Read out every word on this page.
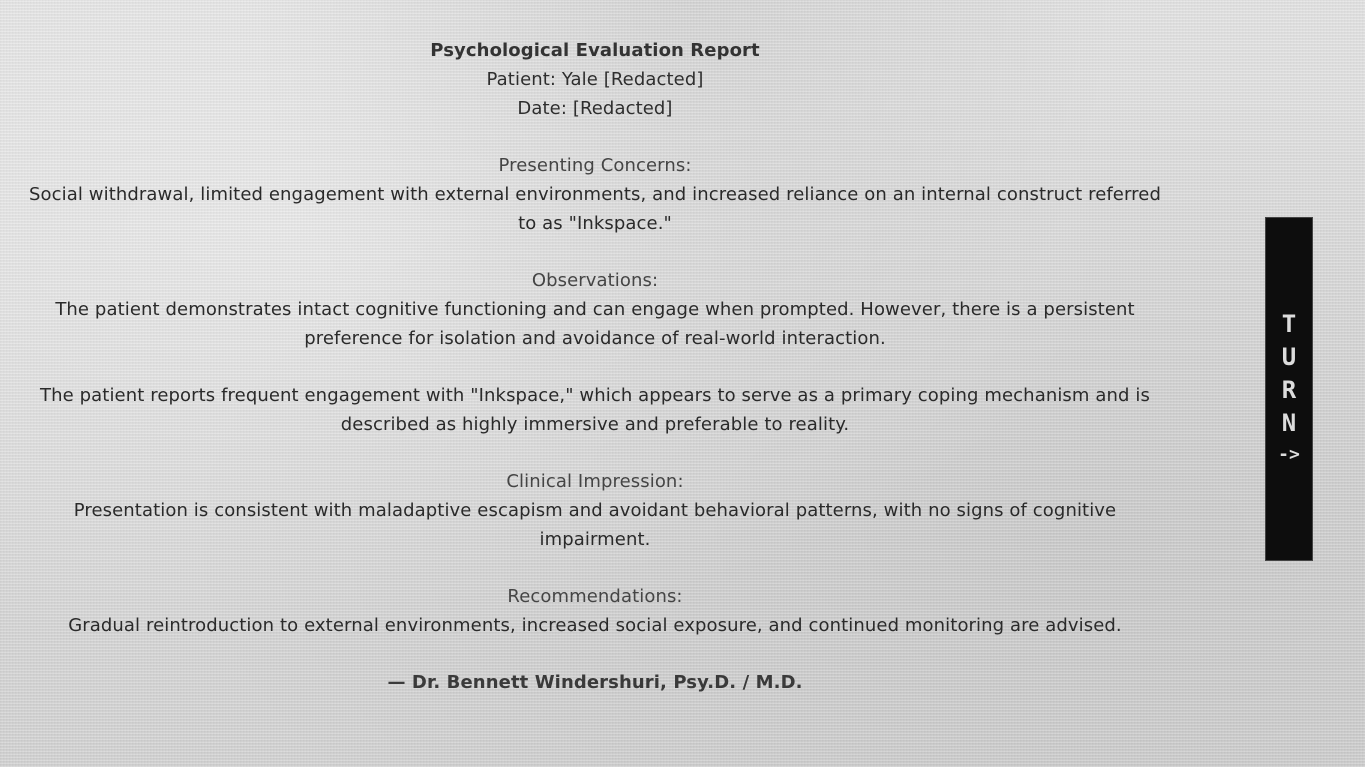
Psychological Evaluation Report

Patient: Yale [Redacted]

Date: [Redacted]

Presenting Concerns:

Social withdrawal, limited engagement with external environments, and increased reliance on an internal construct referred to as "Inkspace."

Observations:

The patient demonstrates intact cognitive functioning and can engage when prompted. However, there is a persistent preference for isolation and avoidance of real-world interaction.

The patient reports frequent engagement with "Inkspace," which appears to serve as a primary coping mechanism and is described as highly immersive and preferable to reality.

Clinical Impression:

Presentation is consistent with maladaptive escapism and avoidant behavioral patterns, with no signs of cognitive impairment.

Recommendations:

Gradual reintroduction to external environments, increased social exposure, and continued monitoring are advised.

— Dr. Bennett Windershuri, Psy.D. / M.D.

T
U
R
N
->
